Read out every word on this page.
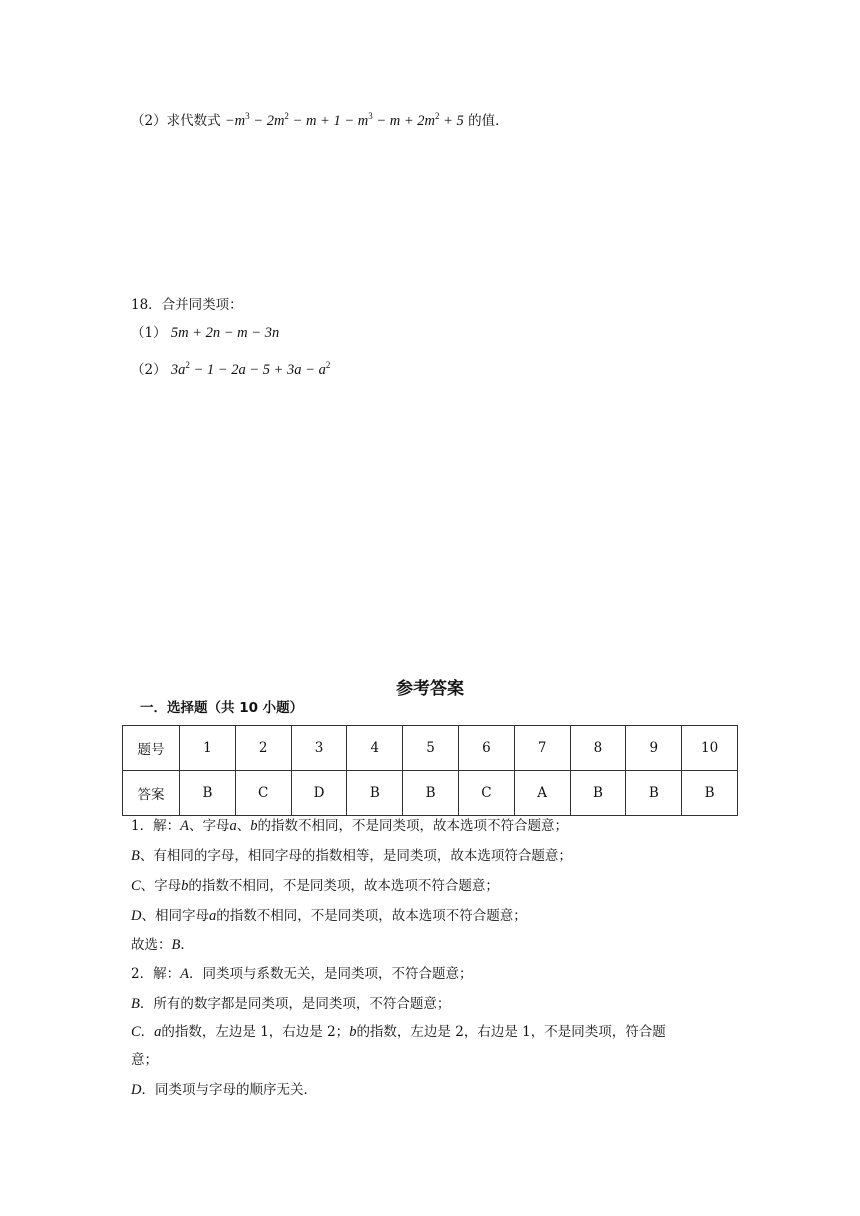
（2）求代数式 $-m^3 - 2m^2 - m + 1 - m^3 - m + 2m^2 + 5$ 的值．
18．合并同类项：
（1） 5m + 2n − m − 3n
（2） $3a^2 - 1 - 2a - 5 + 3a - a^2$
参考答案
一．选择题（共 10 小题）
题号	1	2	3	4	5	6	7	8	9	10
答案	B	C	D	B	B	C	A	B	B	B
1．解：A、字母a、b的指数不相同，不是同类项，故本选项不符合题意；
B、有相同的字母，相同字母的指数相等，是同类项，故本选项符合题意；
C、字母b的指数不相同，不是同类项，故本选项不符合题意；
D、相同字母a的指数不相同，不是同类项，故本选项不符合题意；
故选：B．
2．解：A．同类项与系数无关，是同类项，不符合题意；
B．所有的数字都是同类项，是同类项，不符合题意；
C．a的指数，左边是 1，右边是 2；b的指数，左边是 2，右边是 1，不是同类项，符合题
意；
D．同类项与字母的顺序无关．
